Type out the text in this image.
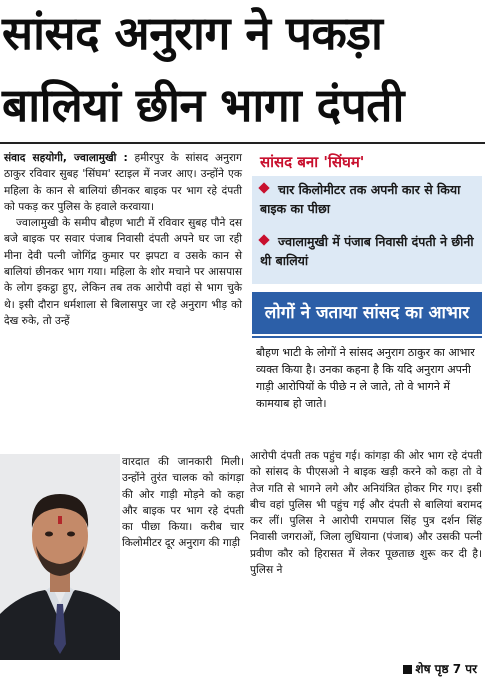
सांसद अनुराग ने पकड़ा
बालियां छीन भागा दंपती

संवाद सहयोगी, ज्वालामुखी : हमीरपुर के सांसद अनुराग ठाकुर रविवार सुबह 'सिंघम' स्टाइल में नजर आए। उन्होंने एक महिला के कान से बालियां छीनकर बाइक पर भाग रहे दंपती को पकड़ कर पुलिस के हवाले करवाया।

ज्वालामुखी के समीप बौहण भाटी में रविवार सुबह पौने दस बजे बाइक पर सवार पंजाब निवासी दंपती अपने घर जा रही मीना देवी पत्नी जोगिंद्र कुमार पर झपटा व उसके कान से बालियां छीनकर भाग गया। महिला के शोर मचाने पर आसपास के लोग इकट्ठा हुए, लेकिन तब तक आरोपी वहां से भाग चुके थे। इसी दौरान धर्मशाला से बिलासपुर जा रहे अनुराग भीड़ को देख रुके, तो उन्हें

सांसद बना 'सिंघम'
चार किलोमीटर तक अपनी कार से किया बाइक का पीछा
ज्वालामुखी में पंजाब निवासी दंपती ने छीनी थी बालियां
लोगों ने जताया सांसद का आभार
बौहण भाटी के लोगों ने सांसद अनुराग ठाकुर का आभार व्यक्त किया है। उनका कहना है कि यदि अनुराग अपनी गाड़ी आरोपियों के पीछे न ले जाते, तो वे भागने में कामयाब हो जाते।
वारदात की जानकारी मिली। उन्होंने तुरंत चालक को कांगड़ा की ओर गाड़ी मोड़ने को कहा और बाइक पर भाग रहे दंपती का पीछा किया। करीब चार किलोमीटर दूर अनुराग की गाड़ी
आरोपी दंपती तक पहुंच गई। कांगड़ा की ओर भाग रहे दंपती को सांसद के पीएसओ ने बाइक खड़ी करने को कहा तो वे तेज गति से भागने लगे और अनियंत्रित होकर गिर गए। इसी बीच वहां पुलिस भी पहुंच गई और दंपती से बालियां बरामद कर लीं। पुलिस ने आरोपी रामपाल सिंह पुत्र दर्शन सिंह निवासी जगराओं, जिला लुधियाना (पंजाब) और उसकी पत्नी प्रवीण कौर को हिरासत में लेकर पूछताछ शुरू कर दी है। पुलिस ने
शेष पृष्ठ 7 पर
